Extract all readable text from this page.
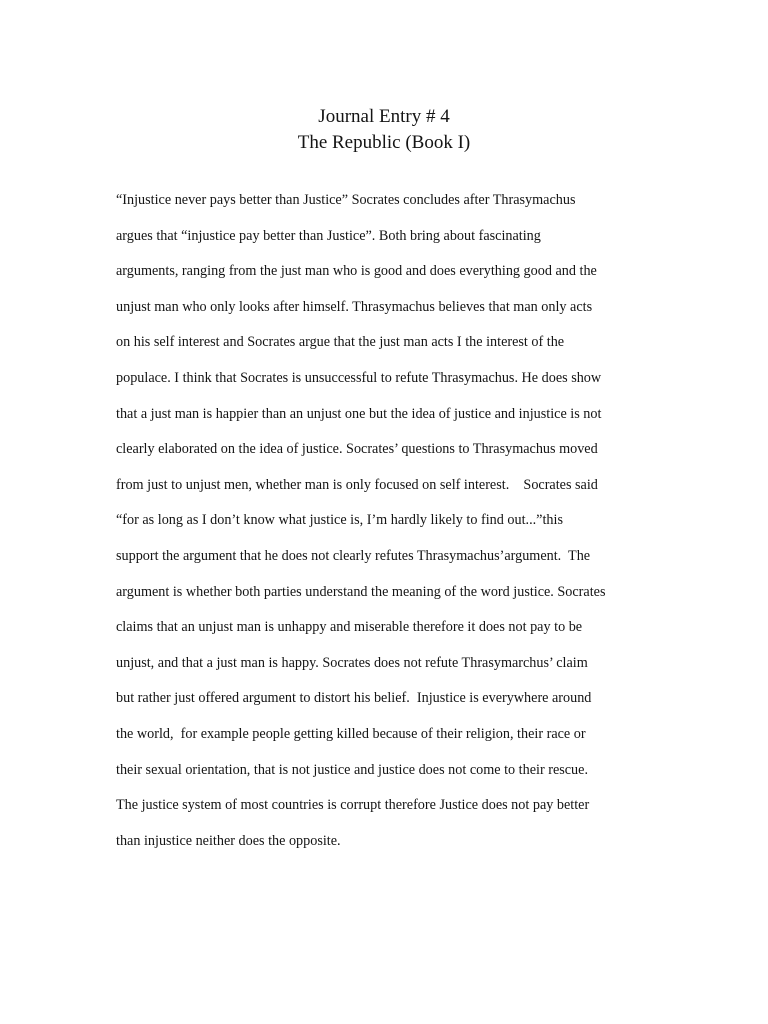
Journal Entry # 4
The Republic (Book I)
“Injustice never pays better than Justice” Socrates concludes after Thrasymachus
argues that “injustice pay better than Justice”. Both bring about fascinating
arguments, ranging from the just man who is good and does everything good and the
unjust man who only looks after himself. Thrasymachus believes that man only acts
on his self interest and Socrates argue that the just man acts I the interest of the
populace. I think that Socrates is unsuccessful to refute Thrasymachus. He does show
that a just man is happier than an unjust one but the idea of justice and injustice is not
clearly elaborated on the idea of justice. Socrates’ questions to Thrasymachus moved
from just to unjust men, whether man is only focused on self interest.    Socrates said
“for as long as I don’t know what justice is, I’m hardly likely to find out...”this
support the argument that he does not clearly refutes Thrasymachus’argument.  The
argument is whether both parties understand the meaning of the word justice. Socrates
claims that an unjust man is unhappy and miserable therefore it does not pay to be
unjust, and that a just man is happy. Socrates does not refute Thrasymarchus’ claim
but rather just offered argument to distort his belief.  Injustice is everywhere around
the world,  for example people getting killed because of their religion, their race or
their sexual orientation, that is not justice and justice does not come to their rescue.
The justice system of most countries is corrupt therefore Justice does not pay better
than injustice neither does the opposite.
